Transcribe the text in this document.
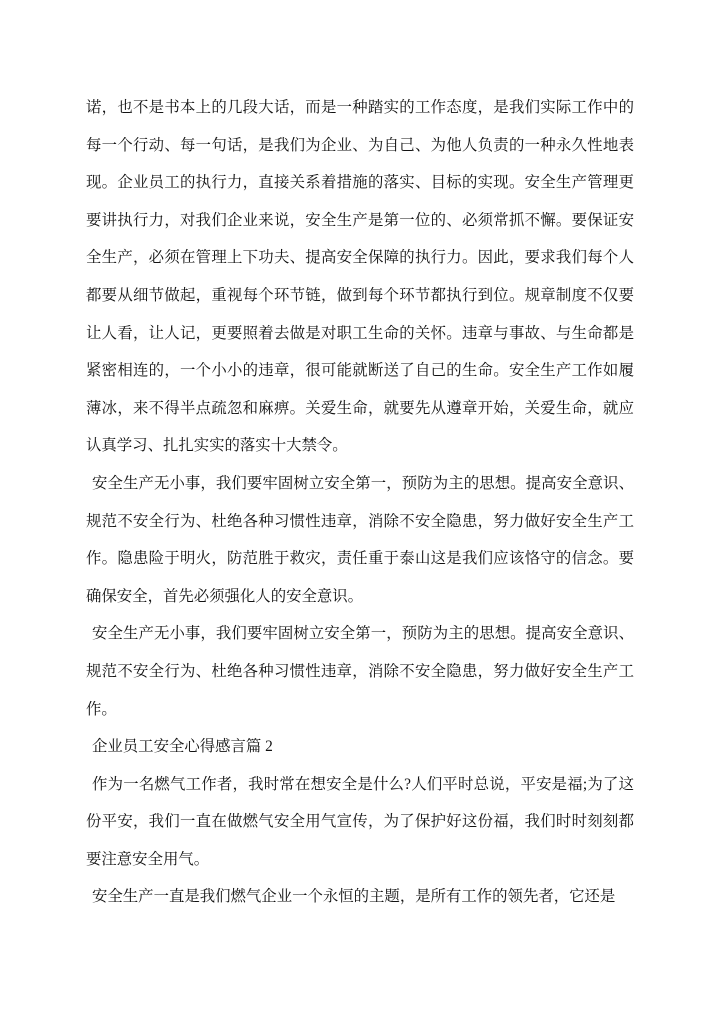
诺，也不是书本上的几段大话，而是一种踏实的工作态度，是我们实际工作中的每一个行动、每一句话，是我们为企业、为自己、为他人负责的一种永久性地表现。企业员工的执行力，直接关系着措施的落实、目标的实现。安全生产管理更要讲执行力，对我们企业来说，安全生产是第一位的、必须常抓不懈。要保证安全生产，必须在管理上下功夫、提高安全保障的执行力。因此，要求我们每个人都要从细节做起，重视每个环节链，做到每个环节都执行到位。规章制度不仅要让人看，让人记，更要照着去做是对职工生命的关怀。违章与事故、与生命都是紧密相连的，一个小小的违章，很可能就断送了自己的生命。安全生产工作如履薄冰，来不得半点疏忽和麻痹。关爱生命，就要先从遵章开始，关爱生命，就应认真学习、扎扎实实的落实十大禁令。

安全生产无小事，我们要牢固树立安全第一，预防为主的思想。提高安全意识、规范不安全行为、杜绝各种习惯性违章，消除不安全隐患，努力做好安全生产工作。隐患险于明火，防范胜于救灾，责任重于泰山这是我们应该恪守的信念。要确保安全，首先必须强化人的安全意识。

安全生产无小事，我们要牢固树立安全第一，预防为主的思想。提高安全意识、规范不安全行为、杜绝各种习惯性违章，消除不安全隐患，努力做好安全生产工作。

企业员工安全心得感言篇 2

作为一名燃气工作者，我时常在想安全是什么?人们平时总说，平安是福;为了这份平安，我们一直在做燃气安全用气宣传，为了保护好这份福，我们时时刻刻都要注意安全用气。

安全生产一直是我们燃气企业一个永恒的主题，是所有工作的领先者，它还是
